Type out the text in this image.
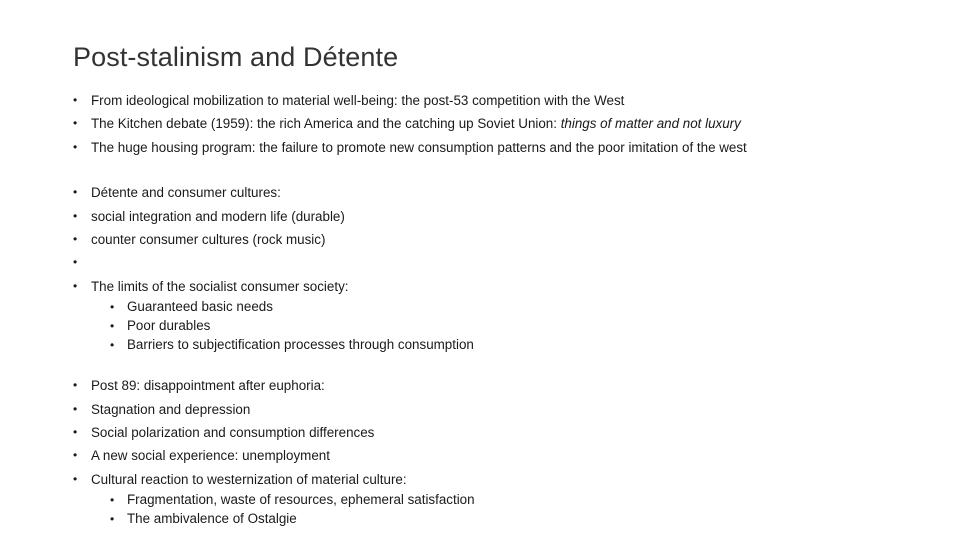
Post-stalinism and Détente
• From ideological mobilization to material well-being: the post-53 competition with the West
• The Kitchen debate (1959): the rich America and the catching up Soviet Union: things of matter and not luxury
• The huge housing program: the failure to promote new consumption patterns and the poor imitation of the west
• Détente and consumer cultures:
• social integration and modern life (durable)
• counter consumer cultures (rock music)
•
• The limits of the socialist consumer society:
• Guaranteed basic needs
• Poor durables
• Barriers to subjectification processes through consumption
• Post 89: disappointment after euphoria:
• Stagnation and depression
• Social polarization and consumption differences
• A new social experience: unemployment
• Cultural reaction to westernization of material culture:
• Fragmentation, waste of resources, ephemeral satisfaction
• The ambivalence of Ostalgie
